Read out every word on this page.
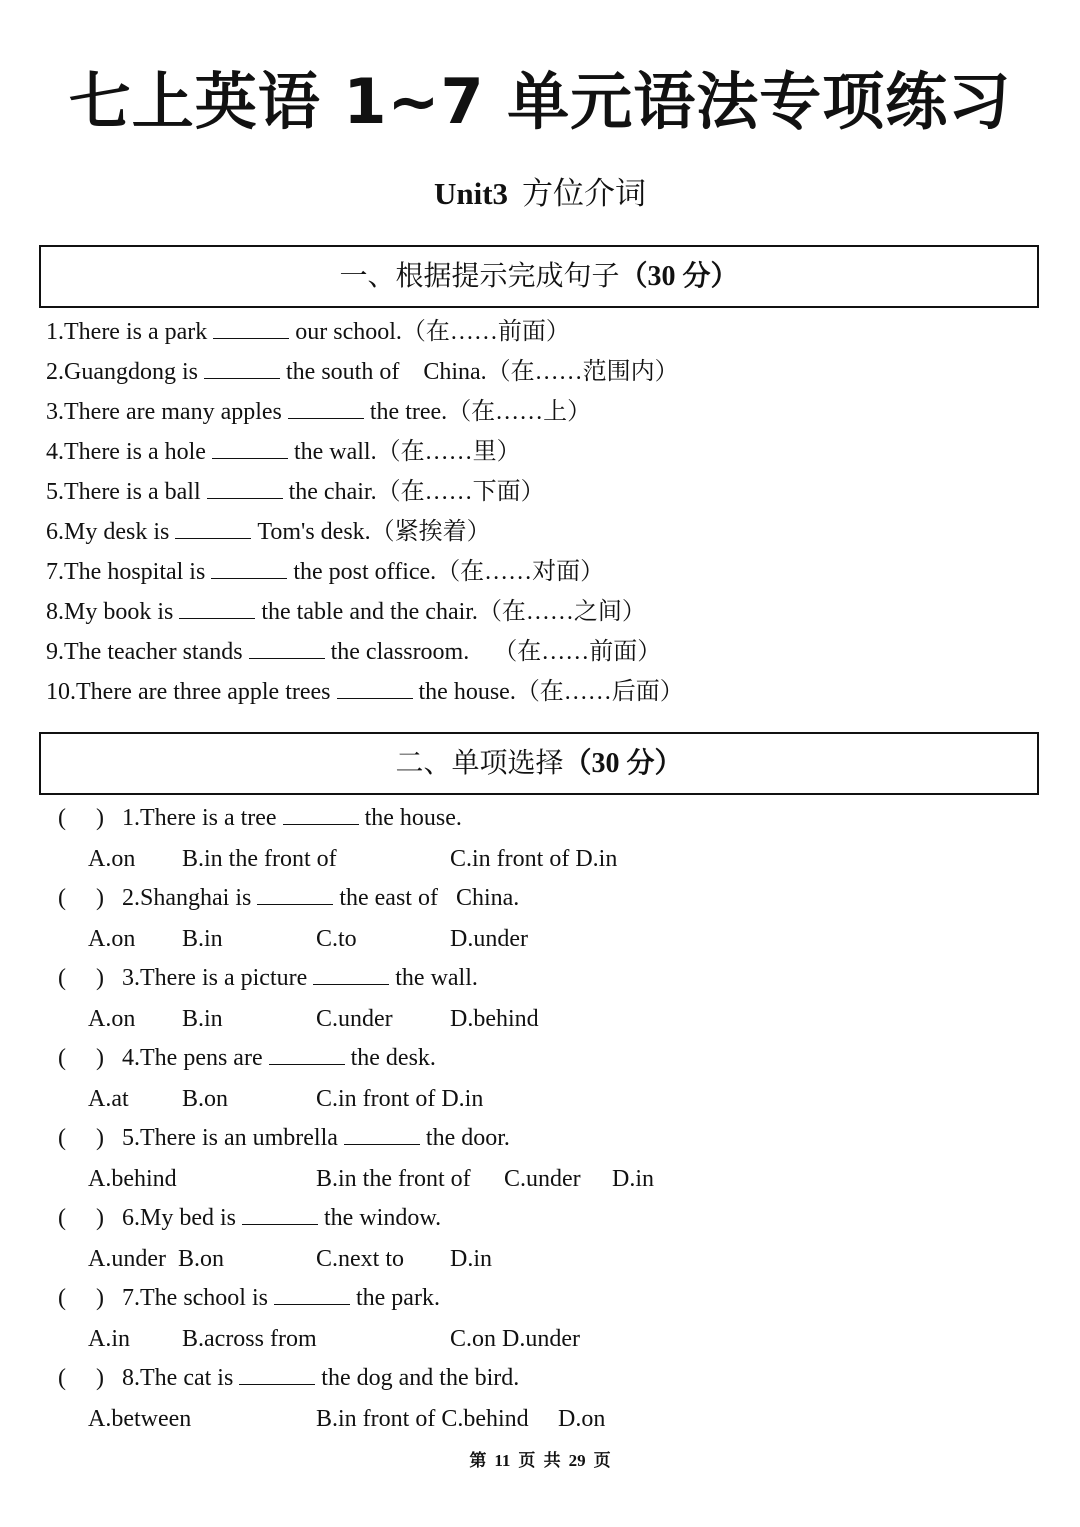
七上英语 1~7 单元语法专项练习
Unit3 方位介词
一、根据提示完成句子（30 分）
1.There is a park	our school.（在……前面）
2.Guangdong is	the south of    China.（在……范围内）
3.There are many apples	the tree.（在……上）
4.There is a hole	the wall.（在……里）
5.There is a ball	the chair.（在……下面）
6.My desk is	Tom's desk.（紧挨着）
7.The hospital is	the post office.（在……对面）
8.My book is	the table and the chair.（在……之间）
9.The teacher stands	the classroom.    （在……前面）
10.There are three apple trees	the house.（在……后面）
二、单项选择（30 分）
( ) 1.There is a tree	the house.
A.on B.in the front of	C.in front of D.in
( ) 2.Shanghai is	the east of   China.
A.on B.in	C.to	D.under
( ) 3.There is a picture	the wall.
A.on B.in	C.under D.behind
( ) 4.The pens are	the desk.
A.at B.on	C.in front of D.in
( ) 5.There is an umbrella	the door.
A.behind	B.in the front of C.under D.in
( ) 6.My bed is	the window.
A.under  B.on	C.next to D.in
( ) 7.The school is	the park.
A.in B.across from	C.on D.under
( ) 8.The cat is	the dog and the bird.
A.between	B.in front of C.behind D.on
第 11 页 共 29 页
